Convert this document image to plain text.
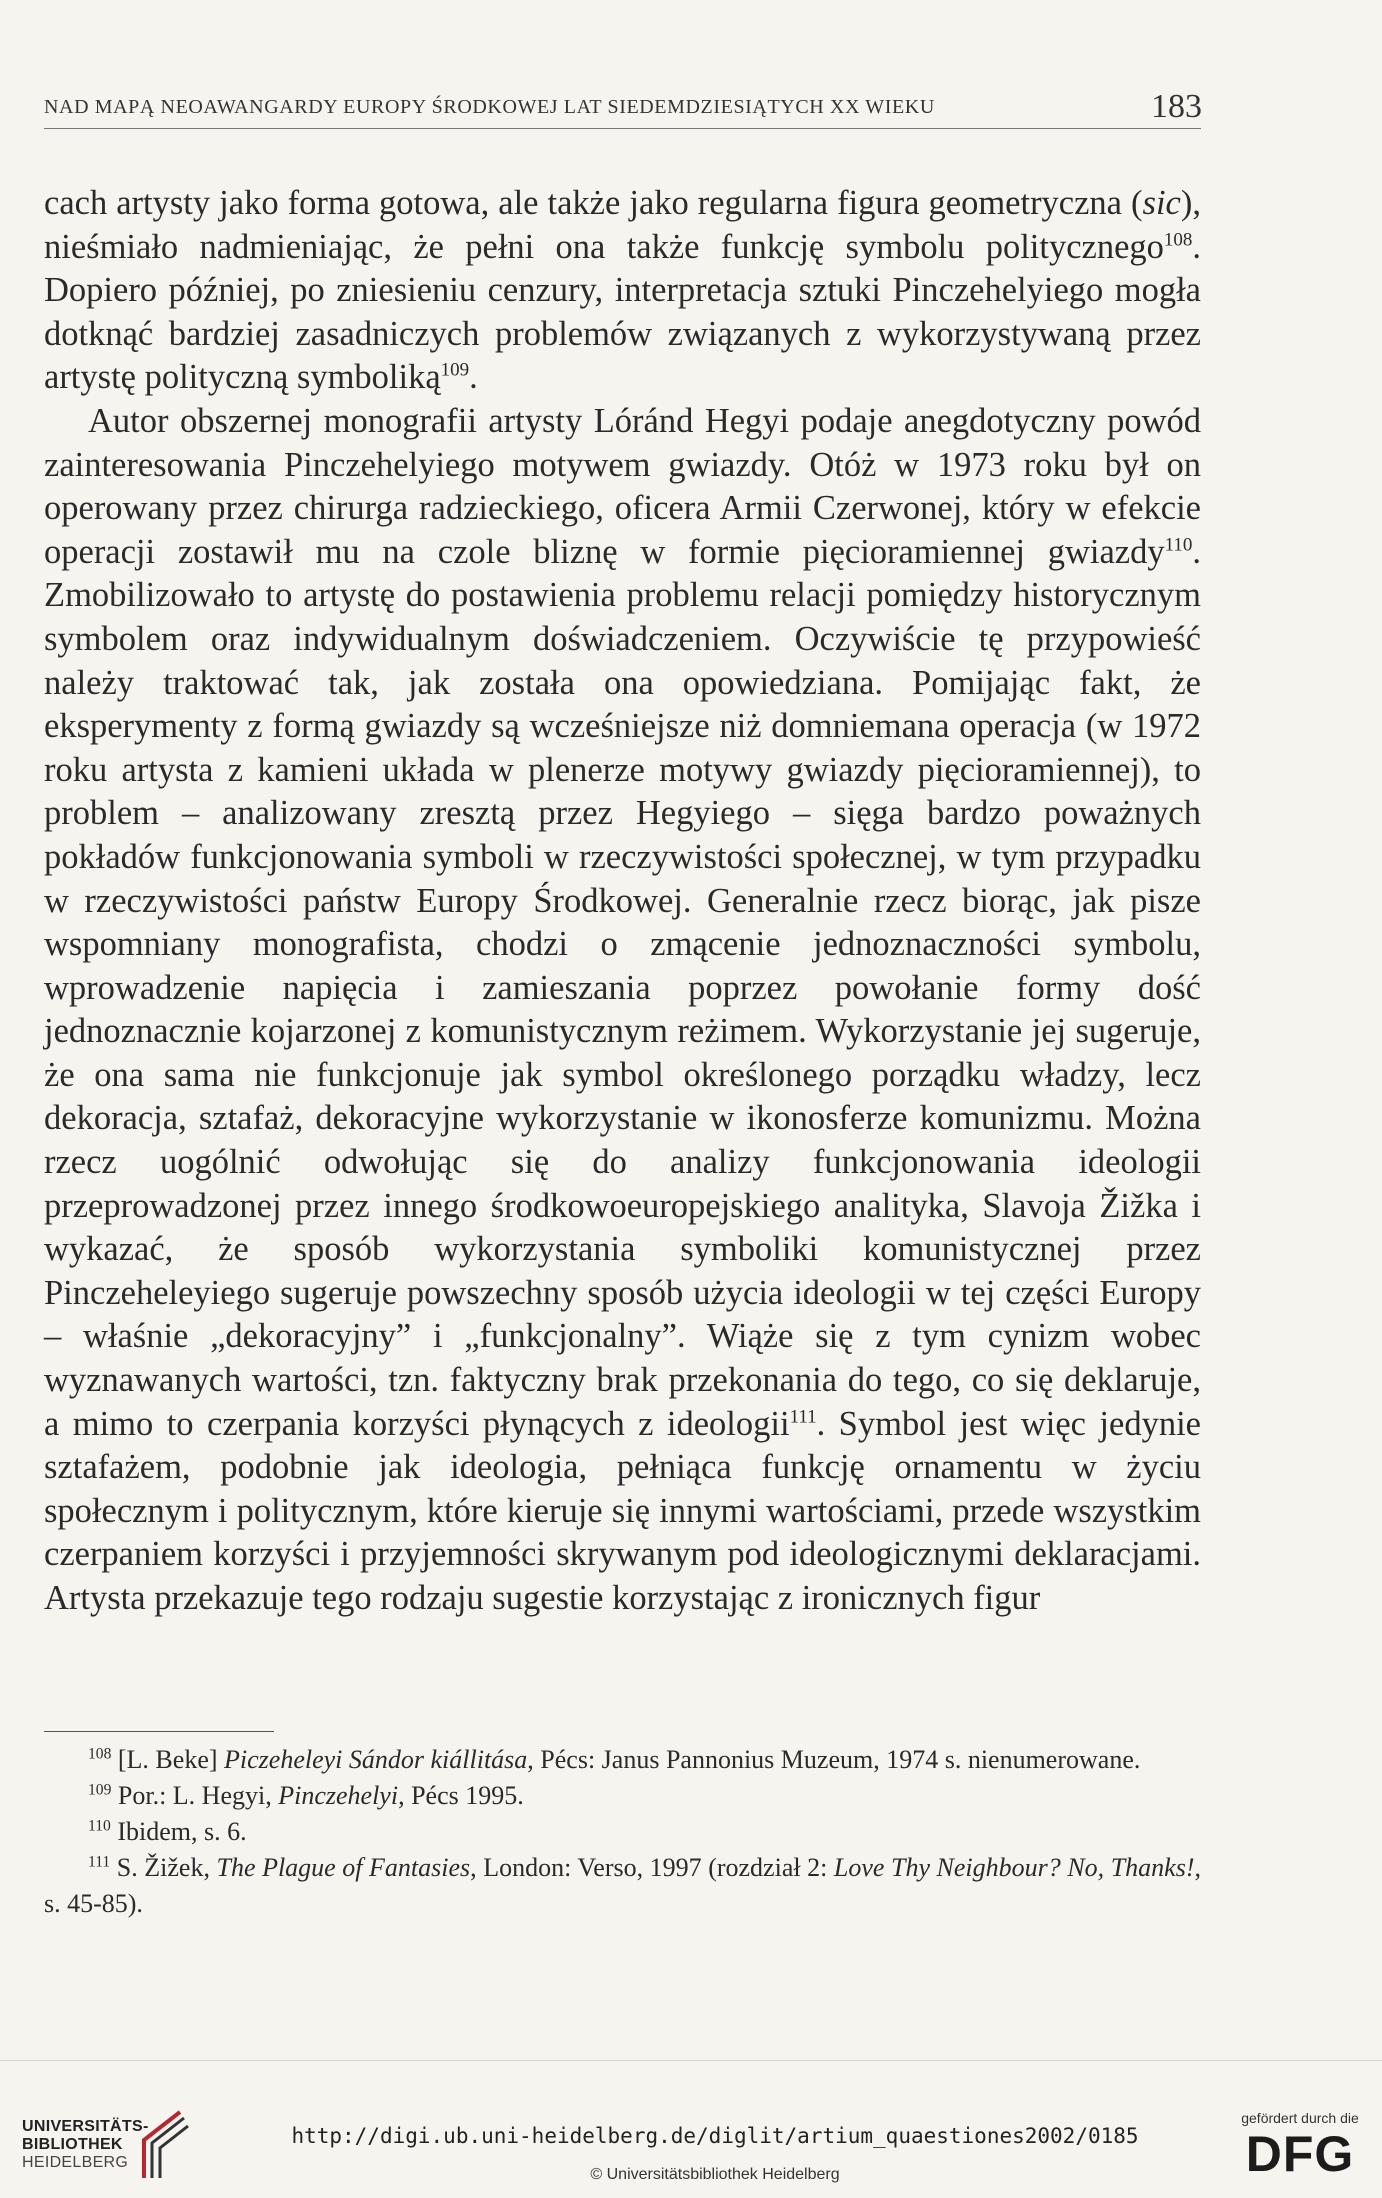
NAD MAPĄ NEOAWANGARDY EUROPY ŚRODKOWEJ LAT SIEDEMDZIESIĄTYCH XX WIEKU	183

cach artysty jako forma gotowa, ale także jako regularna figura geometryczna (sic), nieśmiało nadmieniając, że pełni ona także funkcję symbolu politycznego$^{108}$. Dopiero później, po zniesieniu cenzury, interpretacja sztuki Pinczehelyiego mogła dotknąć bardziej zasadniczych problemów związanych z wykorzystywaną przez artystę polityczną symboliką$^{109}$.

Autor obszernej monografii artysty Lóránd Hegyi podaje anegdotyczny powód zainteresowania Pinczehelyiego motywem gwiazdy. Otóż w 1973 roku był on operowany przez chirurga radzieckiego, oficera Armii Czerwonej, który w efekcie operacji zostawił mu na czole bliznę w formie pięcioramiennej gwiazdy$^{110}$. Zmobilizowało to artystę do postawienia problemu relacji pomiędzy historycznym symbolem oraz indywidualnym doświadczeniem. Oczywiście tę przypowieść należy traktować tak, jak została ona opowiedziana. Pomijając fakt, że eksperymenty z formą gwiazdy są wcześniejsze niż domniemana operacja (w 1972 roku artysta z kamieni układa w plenerze motywy gwiazdy pięcioramiennej), to problem – analizowany zresztą przez Hegyiego – sięga bardzo poważnych pokładów funkcjonowania symboli w rzeczywistości społecznej, w tym przypadku w rzeczywistości państw Europy Środkowej. Generalnie rzecz biorąc, jak pisze wspomniany monografista, chodzi o zmącenie jednoznaczności symbolu, wprowadzenie napięcia i zamieszania poprzez powołanie formy dość jednoznacznie kojarzonej z komunistycznym reżimem. Wykorzystanie jej sugeruje, że ona sama nie funkcjonuje jak symbol określonego porządku władzy, lecz dekoracja, sztafaż, dekoracyjne wykorzystanie w ikonosferze komunizmu. Można rzecz uogólnić odwołując się do analizy funkcjonowania ideologii przeprowadzonej przez innego środkowoeuropejskiego analityka, Slavoja Žižka i wykazać, że sposób wykorzystania symboliki komunistycznej przez Pinczeheleyiego sugeruje powszechny sposób użycia ideologii w tej części Europy – właśnie „dekoracyjny” i „funkcjonalny”. Wiąże się z tym cynizm wobec wyznawanych wartości, tzn. faktyczny brak przekonania do tego, co się deklaruje, a mimo to czerpania korzyści płynących z ideologii$^{111}$. Symbol jest więc jedynie sztafażem, podobnie jak ideologia, pełniąca funkcję ornamentu w życiu społecznym i politycznym, które kieruje się innymi wartościami, przede wszystkim czerpaniem korzyści i przyjemności skrywanym pod ideologicznymi deklaracjami. Artysta przekazuje tego rodzaju sugestie korzystając z ironicznych figur

$^{108}$ [L. Beke] Piczeheleyi Sándor kiállitása, Pécs: Janus Pannonius Muzeum, 1974 s. nienumerowane.

$^{109}$ Por.: L. Hegyi, Pinczehelyi, Pécs 1995.

$^{110}$ Ibidem, s. 6.

$^{111}$ S. Žižek, The Plague of Fantasies, London: Verso, 1997 (rozdział 2: Love Thy Neighbour? No, Thanks!, s. 45-85).

UNIVERSITÄTS-
BIBLIOTHEK
HEIDELBERG
http://digi.ub.uni-heidelberg.de/diglit/artium_quaestiones2002/0185
© Universitätsbibliothek Heidelberg
gefördert durch die
DFG
